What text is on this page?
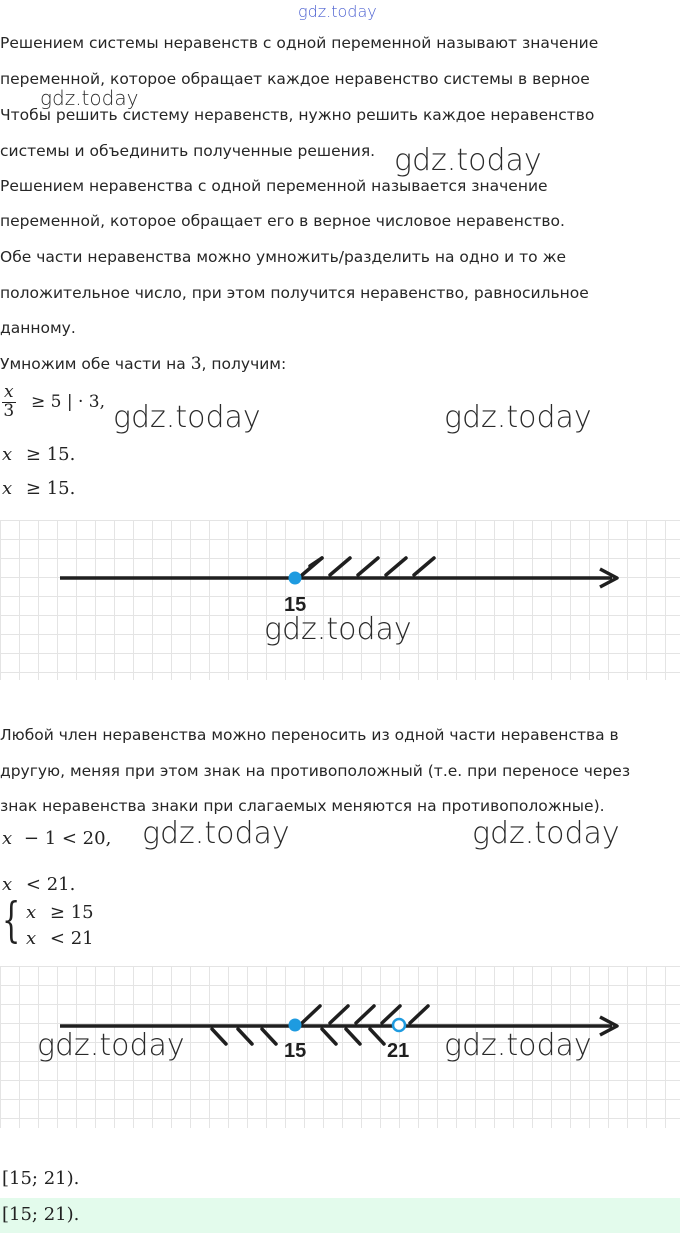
gdz.today
Решением системы неравенств с одной переменной называют значение
переменной, которое обращает каждое неравенство системы в верное
gdz.today
Чтобы решить систему неравенств, нужно решить каждое неравенство
системы и объединить полученные решения. gdz.today
Решением неравенства с одной переменной называется значение
переменной, которое обращает его в верное числовое неравенство.
Обе части неравенства можно умножить/разделить на одно и то же
положительное число, при этом получится неравенство, равносильное
данному.
Умножим обе части на 3, получим:
$\frac{x}{3} \ge 5$ | · 3, gdz.today	gdz.today
x ≥ 15.
x ≥ 15.
15
gdz.today
Любой член неравенства можно переносить из одной части неравенства в
другую, меняя при этом знак на противоположный (т.е. при переносе через
знак неравенства знаки при слагаемых меняются на противоположные).
x − 1 < 20, gdz.today	gdz.today
x < 21.
{ x ≥ 15
x < 21
15	21
gdz.today	gdz.today
[15; 21).
[15; 21).
